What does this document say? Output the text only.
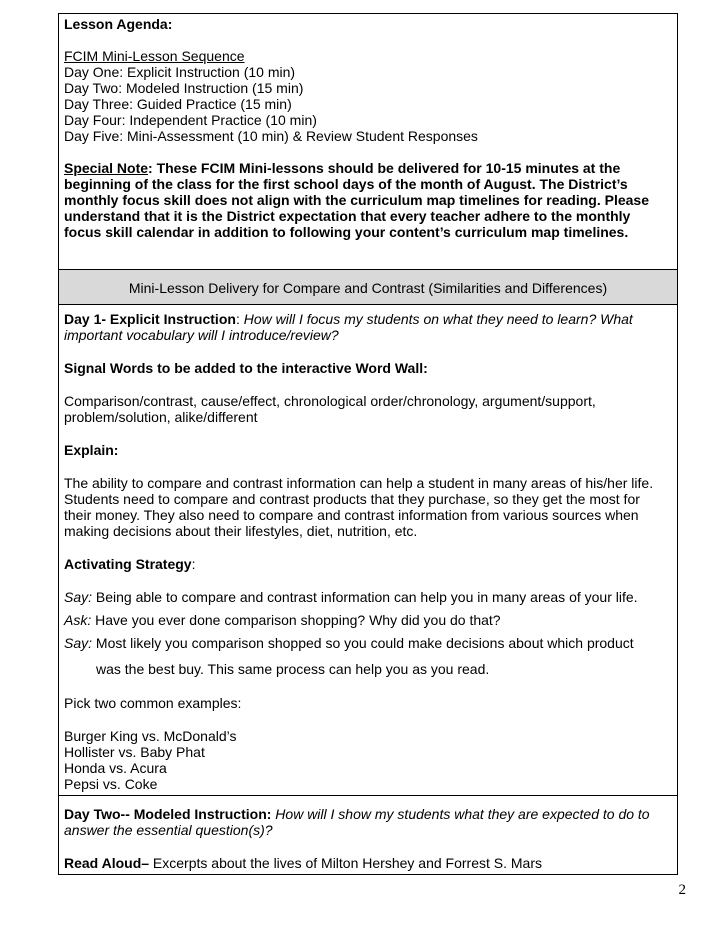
Lesson Agenda:
FCIM Mini-Lesson Sequence
Day One: Explicit Instruction (10 min)
Day Two: Modeled Instruction (15 min)
Day Three: Guided Practice (15 min)
Day Four: Independent Practice (10 min)
Day Five: Mini-Assessment (10 min) & Review Student Responses
Special Note: These FCIM Mini-lessons should be delivered for 10-15 minutes at the
beginning of the class for the first school days of the month of August. The District’s
monthly focus skill does not align with the curriculum map timelines for reading. Please
understand that it is the District expectation that every teacher adhere to the monthly
focus skill calendar in addition to following your content’s curriculum map timelines.
Mini-Lesson Delivery for Compare and Contrast (Similarities and Differences)
Day 1- Explicit Instruction: How will I focus my students on what they need to learn? What
important vocabulary will I introduce/review?
Signal Words to be added to the interactive Word Wall:
Comparison/contrast, cause/effect, chronological order/chronology, argument/support,
problem/solution, alike/different
Explain:
The ability to compare and contrast information can help a student in many areas of his/her life.
Students need to compare and contrast products that they purchase, so they get the most for
their money. They also need to compare and contrast information from various sources when
making decisions about their lifestyles, diet, nutrition, etc.
Activating Strategy:
Say: Being able to compare and contrast information can help you in many areas of your life.
Ask: Have you ever done comparison shopping? Why did you do that?
Say: Most likely you comparison shopped so you could make decisions about which product
was the best buy. This same process can help you as you read.
Pick two common examples:
Burger King vs. McDonald’s
Hollister vs. Baby Phat
Honda vs. Acura
Pepsi vs. Coke
Day Two-- Modeled Instruction: How will I show my students what they are expected to do to
answer the essential question(s)?
Read Aloud– Excerpts about the lives of Milton Hershey and Forrest S. Mars
2
